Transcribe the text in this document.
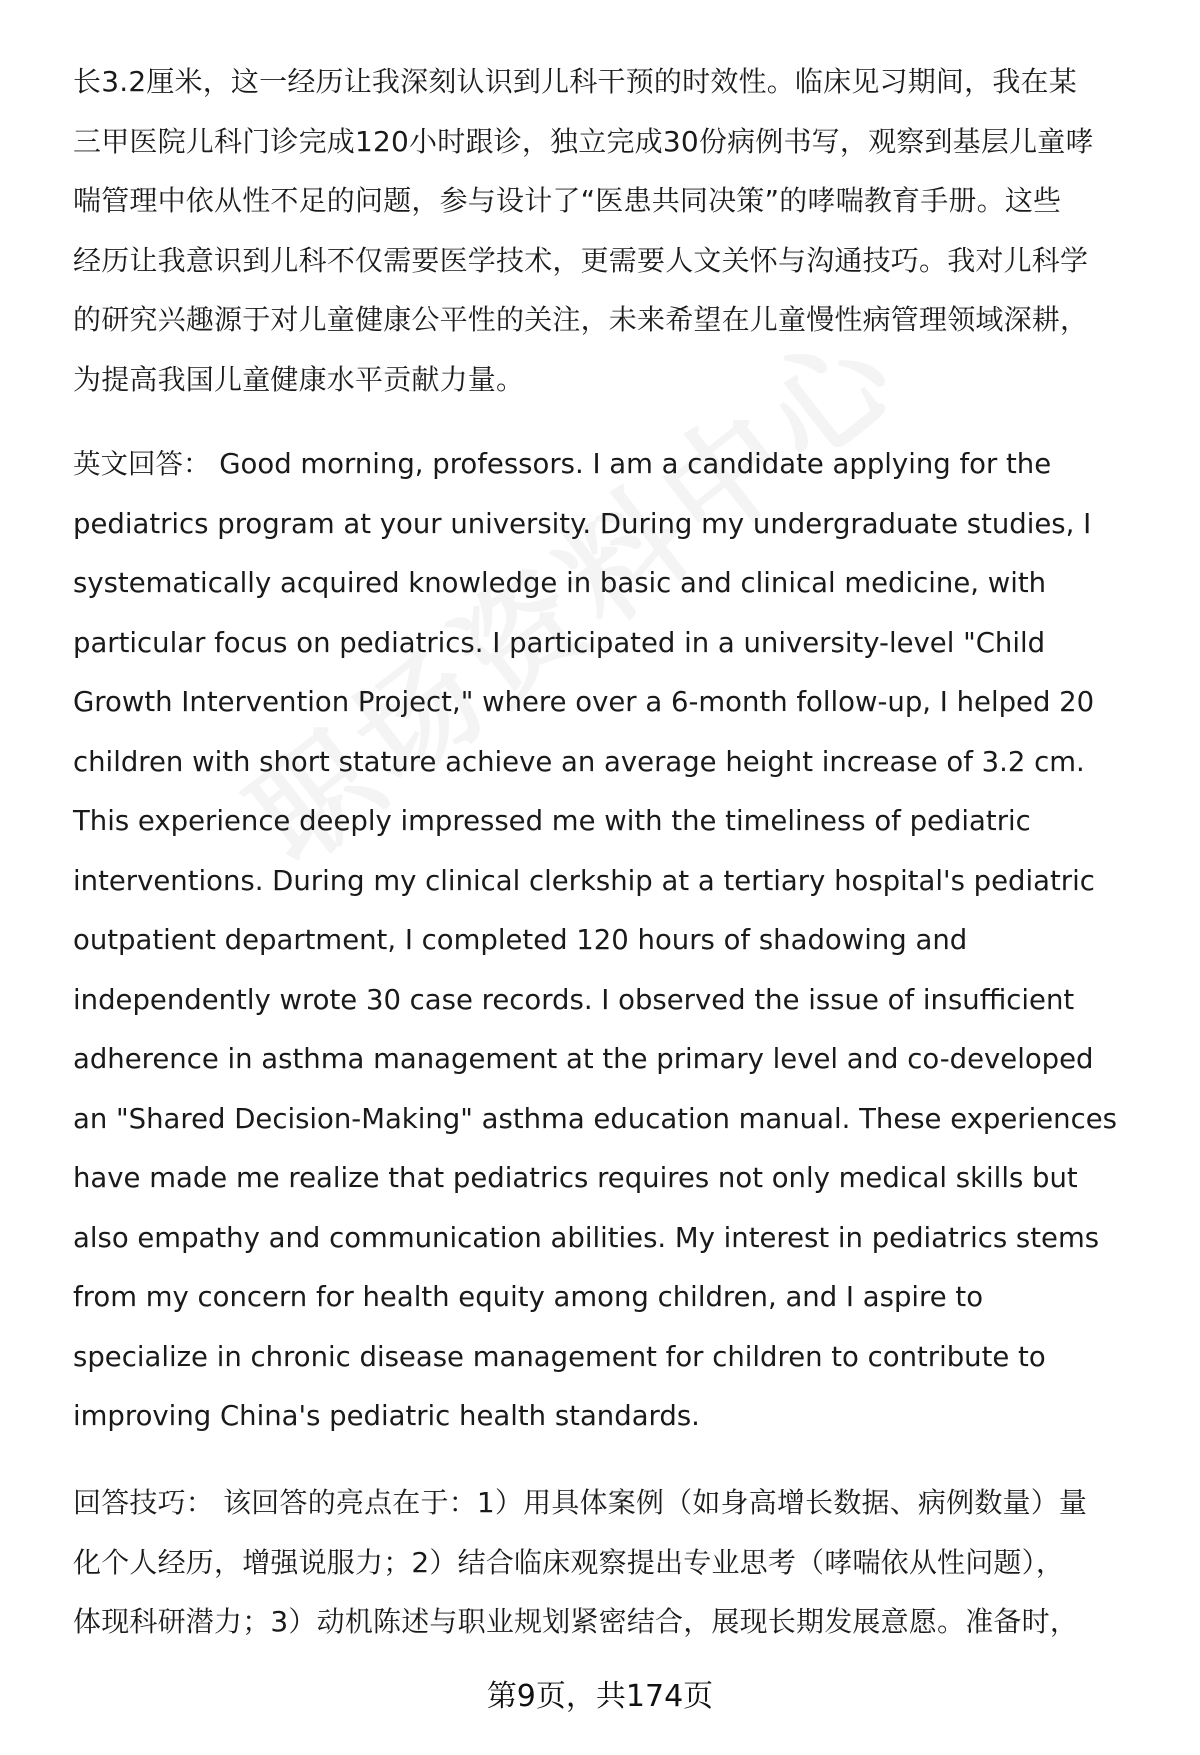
长3.2厘米，这一经历让我深刻认识到儿科干预的时效性。临床见习期间，我在某
三甲医院儿科门诊完成120小时跟诊，独立完成30份病例书写，观察到基层儿童哮
喘管理中依从性不足的问题，参与设计了“医患共同决策”的哮喘教育手册。这些
经历让我意识到儿科不仅需要医学技术，更需要人文关怀与沟通技巧。我对儿科学
的研究兴趣源于对儿童健康公平性的关注，未来希望在儿童慢性病管理领域深耕，
为提高我国儿童健康水平贡献力量。
英文回答： Good morning, professors. I am a candidate applying for the
pediatrics program at your university. During my undergraduate studies, I
systematically acquired knowledge in basic and clinical medicine, with
particular focus on pediatrics. I participated in a university-level "Child
Growth Intervention Project," where over a 6-month follow-up, I helped 20
children with short stature achieve an average height increase of 3.2 cm.
This experience deeply impressed me with the timeliness of pediatric
interventions. During my clinical clerkship at a tertiary hospital's pediatric
outpatient department, I completed 120 hours of shadowing and
independently wrote 30 case records. I observed the issue of insufficient
adherence in asthma management at the primary level and co-developed
an "Shared Decision-Making" asthma education manual. These experiences
have made me realize that pediatrics requires not only medical skills but
also empathy and communication abilities. My interest in pediatrics stems
from my concern for health equity among children, and I aspire to
specialize in chronic disease management for children to contribute to
improving China's pediatric health standards.
回答技巧： 该回答的亮点在于：1）用具体案例（如身高增长数据、病例数量）量
化个人经历，增强说服力；2）结合临床观察提出专业思考（哮喘依从性问题），
体现科研潜力；3）动机陈述与职业规划紧密结合，展现长期发展意愿。准备时，
第9页，共174页
